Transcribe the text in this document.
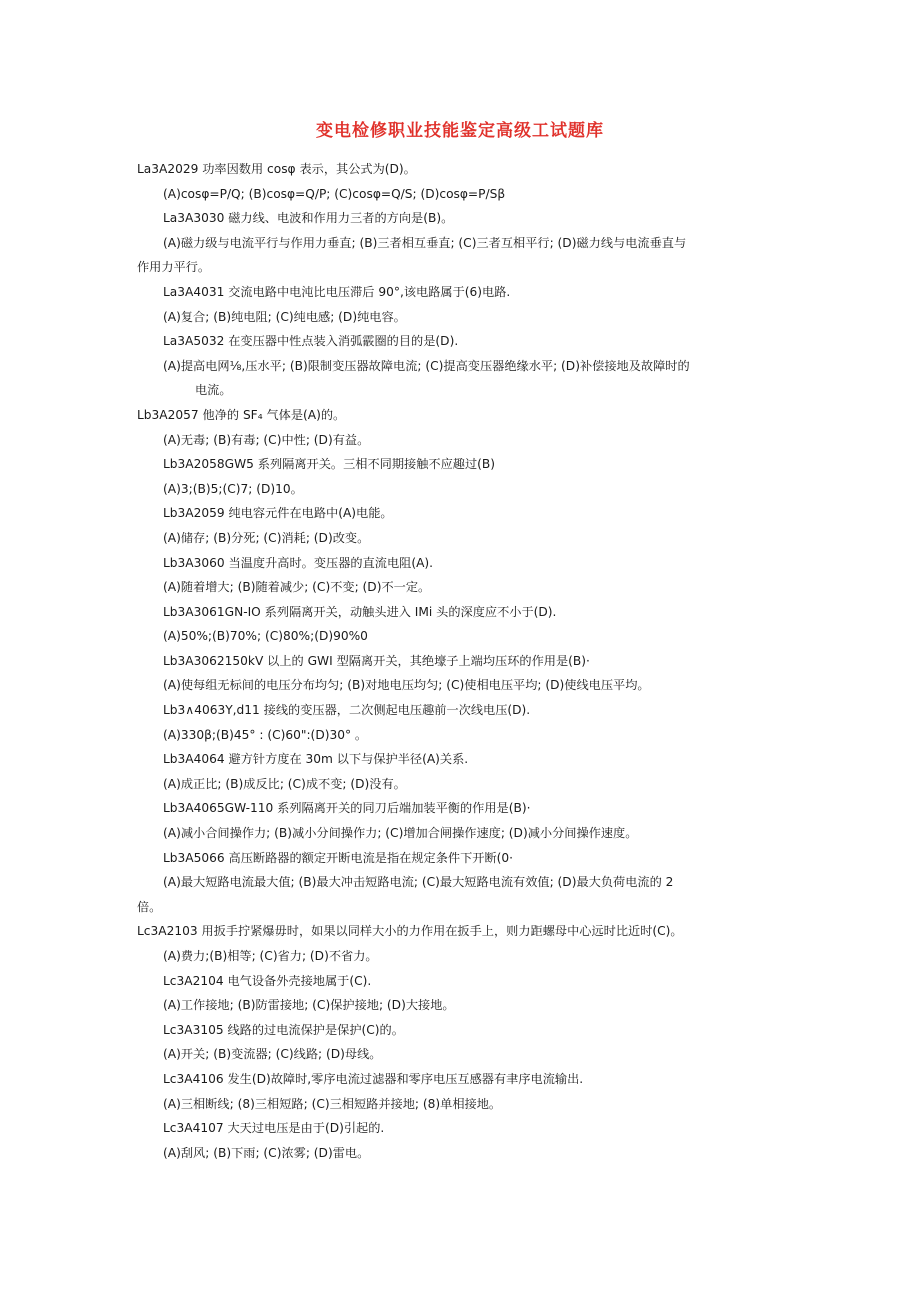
变电检修职业技能鉴定高级工试题库
La3A2029 功率因数用 cosφ 表示，其公式为(D)。
(A)cosφ=P/Q; (B)cosφ=Q/P; (C)cosφ=Q/S; (D)cosφ=P/Sβ
La3A3030 磁力线、电波和作用力三者的方向是(B)。
(A)磁力级与电流平行与作用力垂直; (B)三者相互垂直; (C)三者互相平行; (D)磁力线与电流垂直与
作用力平行。
La3A4031 交流电路中电沌比电压滞后 90°,该电路属于(6)电路.
(A)复合; (B)纯电阻; (C)纯电感; (D)纯电容。
La3A5032 在变压器中性点装入消弧霰圈的目的是(D).
(A)提高电网⅛,压水平; (B)限制变压器故障电流; (C)提高变压器绝缘水平; (D)补偿接地及故障时的
电流。
Lb3A2057 他净的 SF₄ 气体是(A)的。
(A)无毒; (B)有毒; (C)中性; (D)有益。
Lb3A2058GW5 系列隔离开关。三相不同期接触不应趣过(B)
(A)3;(B)5;(C)7; (D)10。
Lb3A2059 纯电容元件在电路中(A)电能。
(A)储存; (B)分死; (C)消耗; (D)改变。
Lb3A3060 当温度升高时。变压器的直流电阻(A).
(A)随着增大; (B)随着减少; (C)不变; (D)不一定。
Lb3A3061GN-IO 系列隔离开关，动触头进入 IMi 头的深度应不小于(D).
(A)50%;(B)70%; (C)80%;(D)90%0
Lb3A3062150kV 以上的 GWI 型隔离开关，其绝壕子上端均压环的作用是(B)·
(A)使每组无标间的电压分布均匀; (B)对地电压均匀; (C)使相电压平均; (D)使线电压平均。
Lb3∧4063Y,d11 接线的变压器，二次侧起电压趣前一次线电压(D).
(A)330β;(B)45° : (C)60":(D)30° 。
Lb3A4064 避方针方度在 30m 以下与保护半径(A)关系.
(A)成正比; (B)成反比; (C)成不变; (D)没有。
Lb3A4065GW-110 系列隔离开关的同刀后端加装平衡的作用是(B)·
(A)减小合间操作力; (B)减小分间操作力; (C)增加合闸操作速度; (D)减小分间操作速度。
Lb3A5066 高压断路器的额定开断电流是指在规定条件下开断(0·
(A)最大短路电流最大值; (B)最大冲击短路电流; (C)最大短路电流有效值; (D)最大负荷电流的 2
倍。
Lc3A2103 用扳手拧紧爆毋时，如果以同样大小的力作用在扳手上，则力距螺母中心远时比近时(C)。
(A)费力;(B)相等; (C)省力; (D)不省力。
Lc3A2104 电气设备外壳接地属于(C).
(A)工作接地; (B)防雷接地; (C)保护接地; (D)大接地。
Lc3A3105 线路的过电流保护是保护(C)的。
(A)开关; (B)变流器; (C)线路; (D)母线。
Lc3A4106 发生(D)故障时,零序电流过滤器和零序电压互感器有聿序电流输出.
(A)三相断线; (8)三相短路; (C)三相短路并接地; (8)单相接地。
Lc3A4107 大天过电压是由于(D)引起的.
(A)刮风; (B)下雨; (C)浓雾; (D)雷电。
